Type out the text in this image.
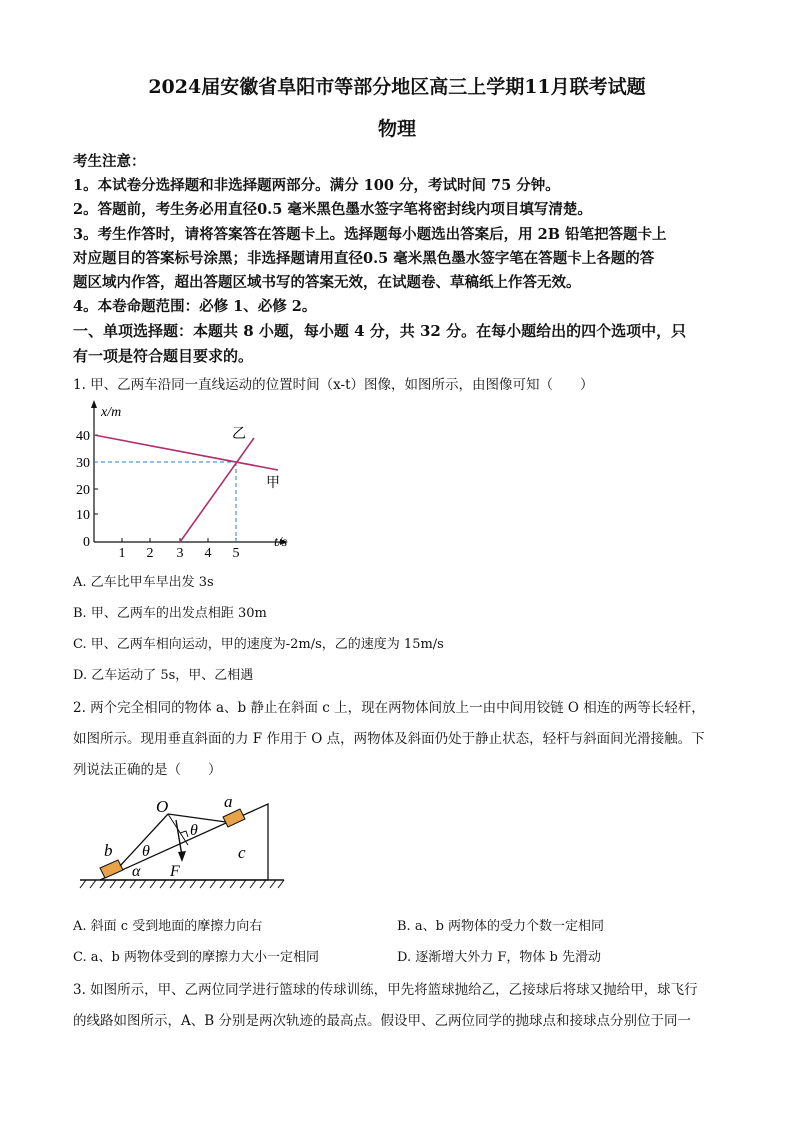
2024届安徽省阜阳市等部分地区高三上学期11月联考试题
物理
考生注意：
1。本试卷分选择题和非选择题两部分。满分 100 分，考试时间 75 分钟。
2。答题前，考生务必用直径0.5 毫米黑色墨水签字笔将密封线内项目填写清楚。
3。考生作答时，请将答案答在答题卡上。选择题每小题选出答案后，用 2B 铅笔把答题卡上
对应题目的答案标号涂黑；非选择题请用直径0.5 毫米黑色墨水签字笔在答题卡上各题的答
题区域内作答，超出答题区域书写的答案无效，在试题卷、草稿纸上作答无效。
4。本卷命题范围：必修 1、必修 2。
一、单项选择题：本题共 8 小题，每小题 4 分，共 32 分。在每小题给出的四个选项中，只
有一项是符合题目要求的。
1. 甲、乙两车沿同一直线运动的位置时间（x-t）图像，如图所示，由图像可知（　　）
x/m
t/s
40
30
20
10
0
1 2 3 4 5
乙
甲
A. 乙车比甲车早出发 3s
B. 甲、乙两车的出发点相距 30m
C. 甲、乙两车相向运动，甲的速度为-2m/s，乙的速度为 15m/s
D. 乙车运动了 5s，甲、乙相遇
2. 两个完全相同的物体 a、b 静止在斜面 c 上，现在两物体间放上一由中间用铰链 O 相连的两等长轻杆，
如图所示。现用垂直斜面的力 F 作用于 O 点，两物体及斜面仍处于静止状态，轻杆与斜面间光滑接触。下
列说法正确的是（　　）
O	a
b	c
F
θ
θ
α
A. 斜面 c 受到地面的摩擦力向右	B. a、b 两物体的受力个数一定相同
C. a、b 两物体受到的摩擦力大小一定相同	D. 逐渐增大外力 F，物体 b 先滑动
3. 如图所示，甲、乙两位同学进行篮球的传球训练，甲先将篮球抛给乙，乙接球后将球又抛给甲，球飞行
的线路如图所示，A、B 分别是两次轨迹的最高点。假设甲、乙两位同学的抛球点和接球点分别位于同一
